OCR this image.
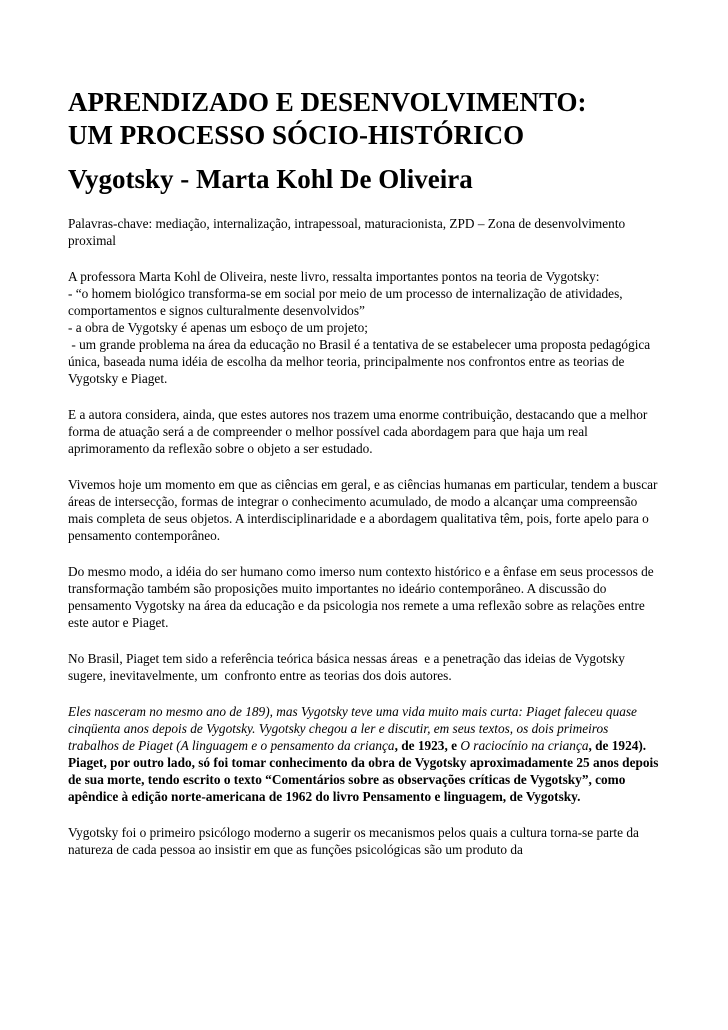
APRENDIZADO E DESENVOLVIMENTO:
UM PROCESSO SÓCIO-HISTÓRICO
Vygotsky - Marta Kohl De Oliveira

Palavras-chave: mediação, internalização, intrapessoal, maturacionista, ZPD – Zona de desenvolvimento proximal

A professora Marta Kohl de Oliveira, neste livro, ressalta importantes pontos na teoria de Vygotsky:
- “o homem biológico transforma-se em social por meio de um processo de internalização de atividades, comportamentos e signos culturalmente desenvolvidos”
- a obra de Vygotsky é apenas um esboço de um projeto;
- um grande problema na área da educação no Brasil é a tentativa de se estabelecer uma proposta pedagógica única, baseada numa idéia de escolha da melhor teoria, principalmente nos confrontos entre as teorias de Vygotsky e Piaget.

E a autora considera, ainda, que estes autores nos trazem uma enorme contribuição, destacando que a melhor forma de atuação será a de compreender o melhor possível cada abordagem para que haja um real aprimoramento da reflexão sobre o objeto a ser estudado.

Vivemos hoje um momento em que as ciências em geral, e as ciências humanas em particular, tendem a buscar áreas de intersecção, formas de integrar o conhecimento acumulado, de modo a alcançar uma compreensão mais completa de seus objetos. A interdisciplinaridade e a abordagem qualitativa têm, pois, forte apelo para o pensamento contemporâneo.

Do mesmo modo, a idéia do ser humano como imerso num contexto histórico e a ênfase em seus processos de transformação também são proposições muito importantes no ideário contemporâneo. A discussão do pensamento Vygotsky na área da educação e da psicologia nos remete a uma reflexão sobre as relações entre este autor e Piaget.

No Brasil, Piaget tem sido a referência teórica básica nessas áreas  e a penetração das ideias de Vygotsky sugere, inevitavelmente, um  confronto entre as teorias dos dois autores.

Eles nasceram no mesmo ano de 189), mas Vygotsky teve uma vida muito mais curta: Piaget faleceu quase cinqüenta anos depois de Vygotsky. Vygotsky chegou a ler e discutir, em seus textos, os dois primeiros trabalhos de Piaget (A linguagem e o pensamento da criança, de 1923, e O raciocínio na criança, de 1924). Piaget, por outro lado, só foi tomar conhecimento da obra de Vygotsky aproximadamente 25 anos depois de sua morte, tendo escrito o texto “Comentários sobre as observações críticas de Vygotsky”, como apêndice à edição norte-americana de 1962 do livro Pensamento e linguagem, de Vygotsky.

Vygotsky foi o primeiro psicólogo moderno a sugerir os mecanismos pelos quais a cultura torna-se parte da natureza de cada pessoa ao insistir em que as funções psicológicas são um produto da
